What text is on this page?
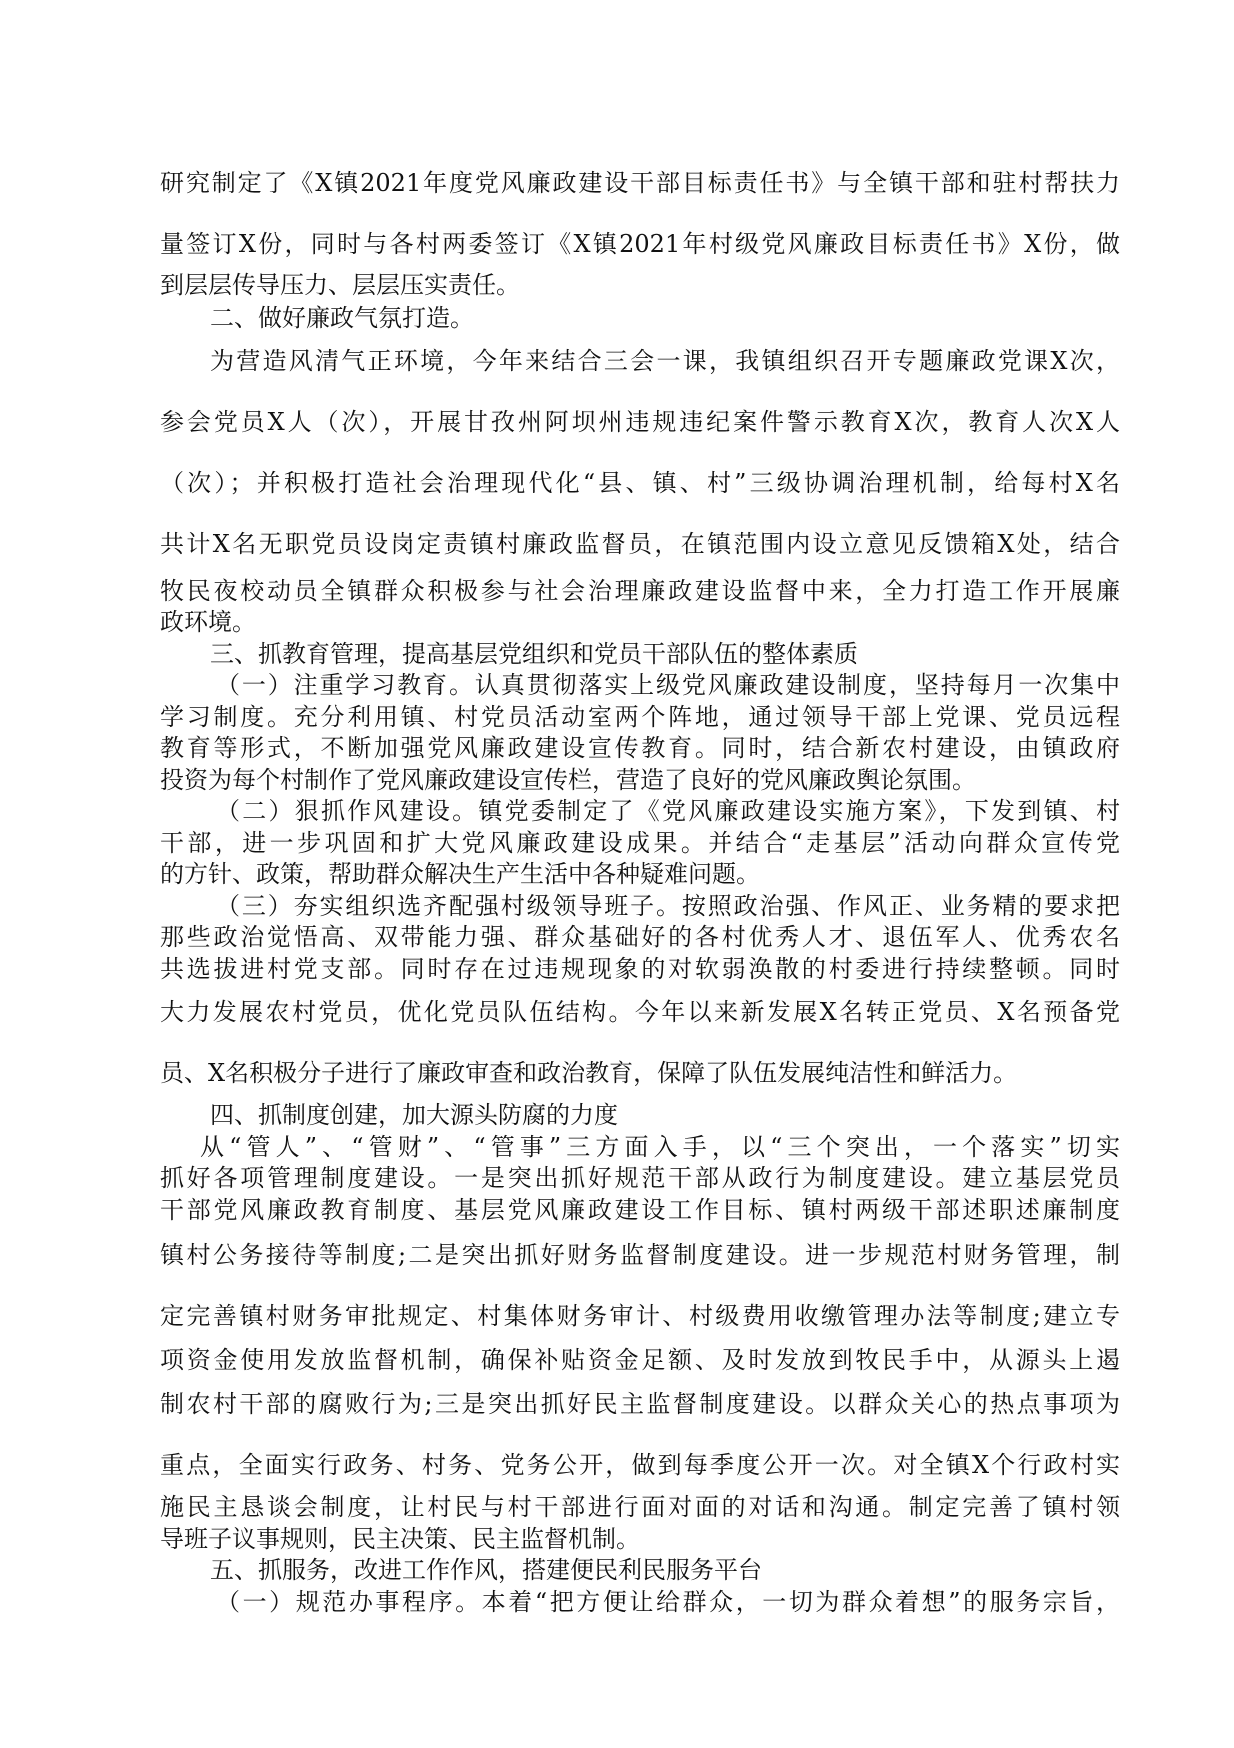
研究制定了《X镇2021年度党风廉政建设干部目标责任书》与全镇干部和驻村帮扶力
量签订X份，同时与各村两委签订《X镇2021年村级党风廉政目标责任书》X份，做
到层层传导压力、层层压实责任。
二、做好廉政气氛打造。
为营造风清气正环境，今年来结合三会一课，我镇组织召开专题廉政党课X次，
参会党员X人（次），开展甘孜州阿坝州违规违纪案件警示教育X次，教育人次X人
（次）；并积极打造社会治理现代化“县、镇、村”三级协调治理机制，给每村X名
共计X名无职党员设岗定责镇村廉政监督员，在镇范围内设立意见反馈箱X处，结合
牧民夜校动员全镇群众积极参与社会治理廉政建设监督中来，全力打造工作开展廉
政环境。
三、抓教育管理，提高基层党组织和党员干部队伍的整体素质
（一）注重学习教育。认真贯彻落实上级党风廉政建设制度，坚持每月一次集中
学习制度。充分利用镇、村党员活动室两个阵地，通过领导干部上党课、党员远程
教育等形式，不断加强党风廉政建设宣传教育。同时，结合新农村建设，由镇政府
投资为每个村制作了党风廉政建设宣传栏，营造了良好的党风廉政舆论氛围。
（二）狠抓作风建设。镇党委制定了《党风廉政建设实施方案》，下发到镇、村
干部，进一步巩固和扩大党风廉政建设成果。并结合“走基层”活动向群众宣传党
的方针、政策，帮助群众解决生产生活中各种疑难问题。
（三）夯实组织选齐配强村级领导班子。按照政治强、作风正、业务精的要求把
那些政治觉悟高、双带能力强、群众基础好的各村优秀人才、退伍军人、优秀农名
共选拔进村党支部。同时存在过违规现象的对软弱涣散的村委进行持续整顿。同时
大力发展农村党员，优化党员队伍结构。今年以来新发展X名转正党员、X名预备党
员、X名积极分子进行了廉政审查和政治教育，保障了队伍发展纯洁性和鲜活力。
四、抓制度创建，加大源头防腐的力度
从“管人”、“管财”、“管事”三方面入手，以“三个突出，一个落实”切实
抓好各项管理制度建设。一是突出抓好规范干部从政行为制度建设。建立基层党员
干部党风廉政教育制度、基层党风廉政建设工作目标、镇村两级干部述职述廉制度
镇村公务接待等制度;二是突出抓好财务监督制度建设。进一步规范村财务管理，制
定完善镇村财务审批规定、村集体财务审计、村级费用收缴管理办法等制度;建立专
项资金使用发放监督机制，确保补贴资金足额、及时发放到牧民手中，从源头上遏
制农村干部的腐败行为;三是突出抓好民主监督制度建设。以群众关心的热点事项为
重点，全面实行政务、村务、党务公开，做到每季度公开一次。对全镇X个行政村实
施民主恳谈会制度，让村民与村干部进行面对面的对话和沟通。制定完善了镇村领
导班子议事规则，民主决策、民主监督机制。
五、抓服务，改进工作作风，搭建便民利民服务平台
（一）规范办事程序。本着“把方便让给群众，一切为群众着想”的服务宗旨，
